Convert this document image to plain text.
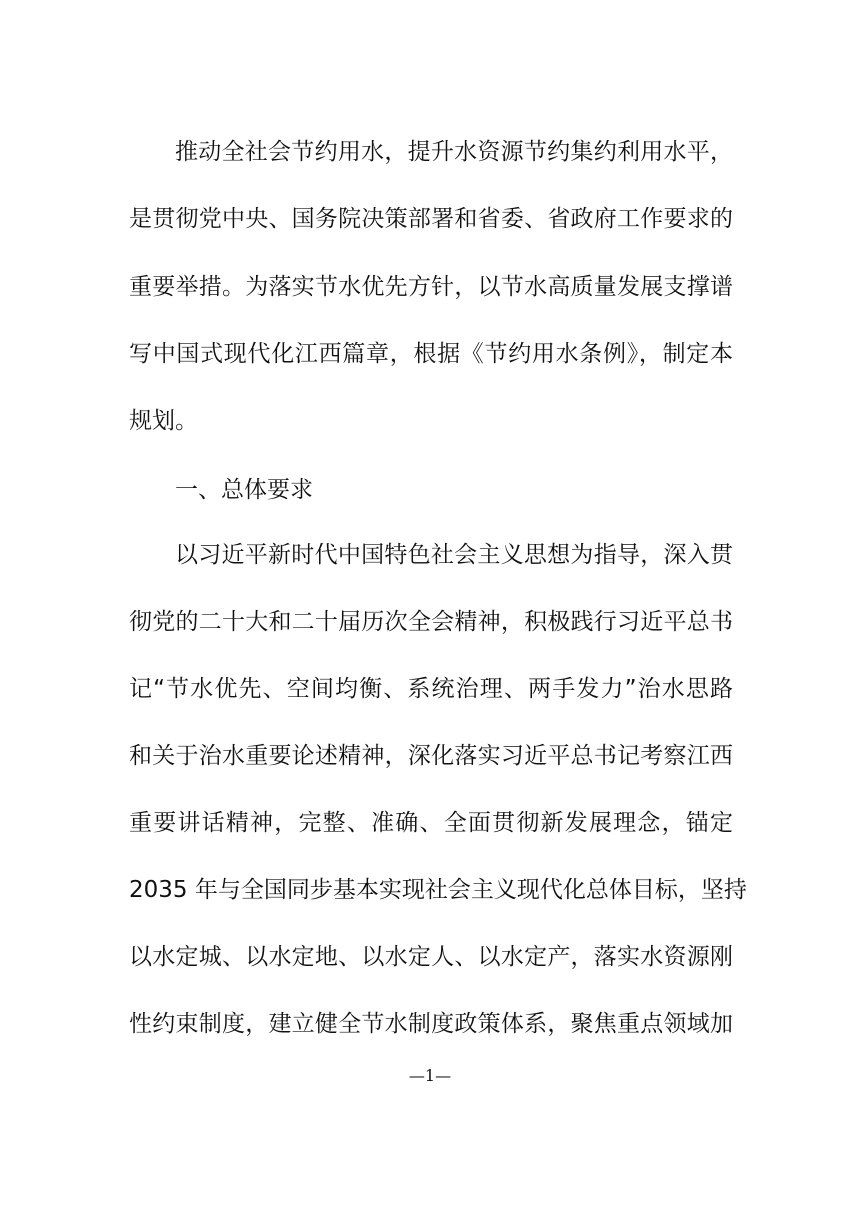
推动全社会节约用水，提升水资源节约集约利用水平，
是贯彻党中央、国务院决策部署和省委、省政府工作要求的
重要举措。为落实节水优先方针，以节水高质量发展支撑谱
写中国式现代化江西篇章，根据《节约用水条例》，制定本
规划。
一、总体要求
以习近平新时代中国特色社会主义思想为指导，深入贯
彻党的二十大和二十届历次全会精神，积极践行习近平总书
记“节水优先、空间均衡、系统治理、两手发力”治水思路
和关于治水重要论述精神，深化落实习近平总书记考察江西
重要讲话精神，完整、准确、全面贯彻新发展理念，锚定
2035 年与全国同步基本实现社会主义现代化总体目标，坚持
以水定城、以水定地、以水定人、以水定产，落实水资源刚
性约束制度，建立健全节水制度政策体系，聚焦重点领域加
—1—
